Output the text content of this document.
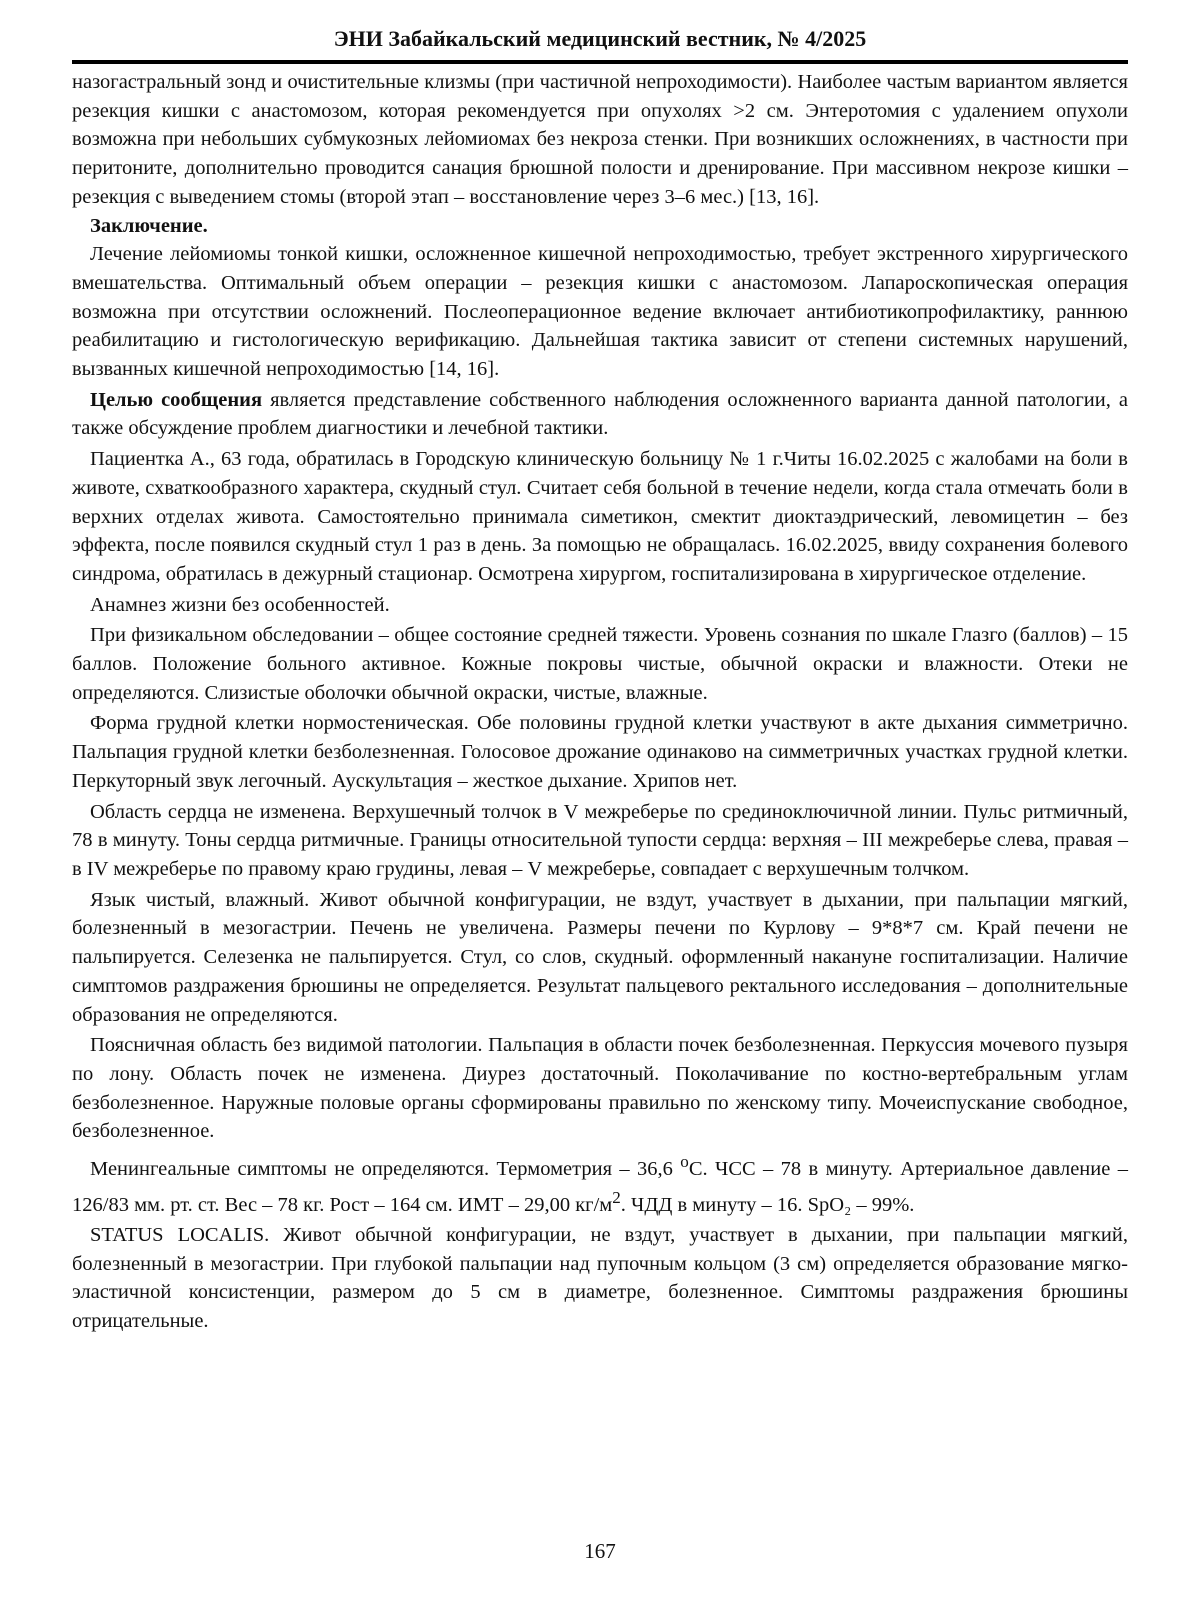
ЭНИ Забайкальский медицинский вестник, № 4/2025

назогастральный зонд и очистительные клизмы (при частичной непроходимости). Наиболее частым вариантом является резекция кишки с анастомозом, которая рекомендуется при опухолях >2 см. Энтеротомия с удалением опухоли возможна при небольших субмукозных лейомиомах без некроза стенки. При возникших осложнениях, в частности при перитоните, дополнительно проводится санация брюшной полости и дренирование. При массивном некрозе кишки – резекция с выведением стомы (второй этап – восстановление через 3–6 мес.) [13, 16].

Заключение.

Лечение лейомиомы тонкой кишки, осложненное кишечной непроходимостью, требует экстренного хирургического вмешательства. Оптимальный объем операции – резекция кишки с анастомозом. Лапароскопическая операция возможна при отсутствии осложнений. Послеоперационное ведение включает антибиотикопрофилактику, раннюю реабилитацию и гистологическую верификацию. Дальнейшая тактика зависит от степени системных нарушений, вызванных кишечной непроходимостью [14, 16].

Целью сообщения является представление собственного наблюдения осложненного варианта данной патологии, а также обсуждение проблем диагностики и лечебной тактики.

Пациентка А., 63 года, обратилась в Городскую клиническую больницу № 1 г.Читы 16.02.2025 с жалобами на боли в животе, схваткообразного характера, скудный стул. Считает себя больной в течение недели, когда стала отмечать боли в верхних отделах живота. Самостоятельно принимала симетикон, смектит диоктаэдрический, левомицетин – без эффекта, после появился скудный стул 1 раз в день. За помощью не обращалась. 16.02.2025, ввиду сохранения болевого синдрома, обратилась в дежурный стационар. Осмотрена хирургом, госпитализирована в хирургическое отделение.

Анамнез жизни без особенностей.

При физикальном обследовании – общее состояние средней тяжести. Уровень сознания по шкале Глазго (баллов) – 15 баллов. Положение больного активное. Кожные покровы чистые, обычной окраски и влажности. Отеки не определяются. Слизистые оболочки обычной окраски, чистые, влажные.

Форма грудной клетки нормостеническая. Обе половины грудной клетки участвуют в акте дыхания симметрично. Пальпация грудной клетки безболезненная. Голосовое дрожание одинаково на симметричных участках грудной клетки. Перкуторный звук легочный. Аускультация – жесткое дыхание. Хрипов нет.

Область сердца не изменена. Верхушечный толчок в V межреберье по срединоключичной линии. Пульс ритмичный, 78 в минуту. Тоны сердца ритмичные. Границы относительной тупости сердца: верхняя – III межреберье слева, правая – в IV межреберье по правому краю грудины, левая – V межреберье, совпадает с верхушечным толчком.

Язык чистый, влажный. Живот обычной конфигурации, не вздут, участвует в дыхании, при пальпации мягкий, болезненный в мезогастрии. Печень не увеличена. Размеры печени по Курлову – 9*8*7 см. Край печени не пальпируется. Селезенка не пальпируется. Стул, со слов, скудный. оформленный накануне госпитализации. Наличие симптомов раздражения брюшины не определяется. Результат пальцевого ректального исследования – дополнительные образования не определяются.

Поясничная область без видимой патологии. Пальпация в области почек безболезненная. Перкуссия мочевого пузыря по лону. Область почек не изменена. Диурез достаточный. Поколачивание по костно-вертебральным углам безболезненное. Наружные половые органы сформированы правильно по женскому типу. Мочеиспускание свободное, безболезненное.

Менингеальные симптомы не определяются. Термометрия – 36,6 $^о$С. ЧСС – 78 в минуту. Артериальное давление – 126/83 мм. рт. ст. Вес – 78 кг. Рост – 164 см. ИМТ – 29,00 $кг/м^2$. ЧДД в минуту – 16. SpO₂ – 99%.

STATUS LOCALIS. Живот обычной конфигурации, не вздут, участвует в дыхании, при пальпации мягкий, болезненный в мезогастрии. При глубокой пальпации над пупочным кольцом (3 см) определяется образование мягко-эластичной консистенции, размером до 5 см в диаметре, болезненное. Симптомы раздражения брюшины отрицательные.

167
